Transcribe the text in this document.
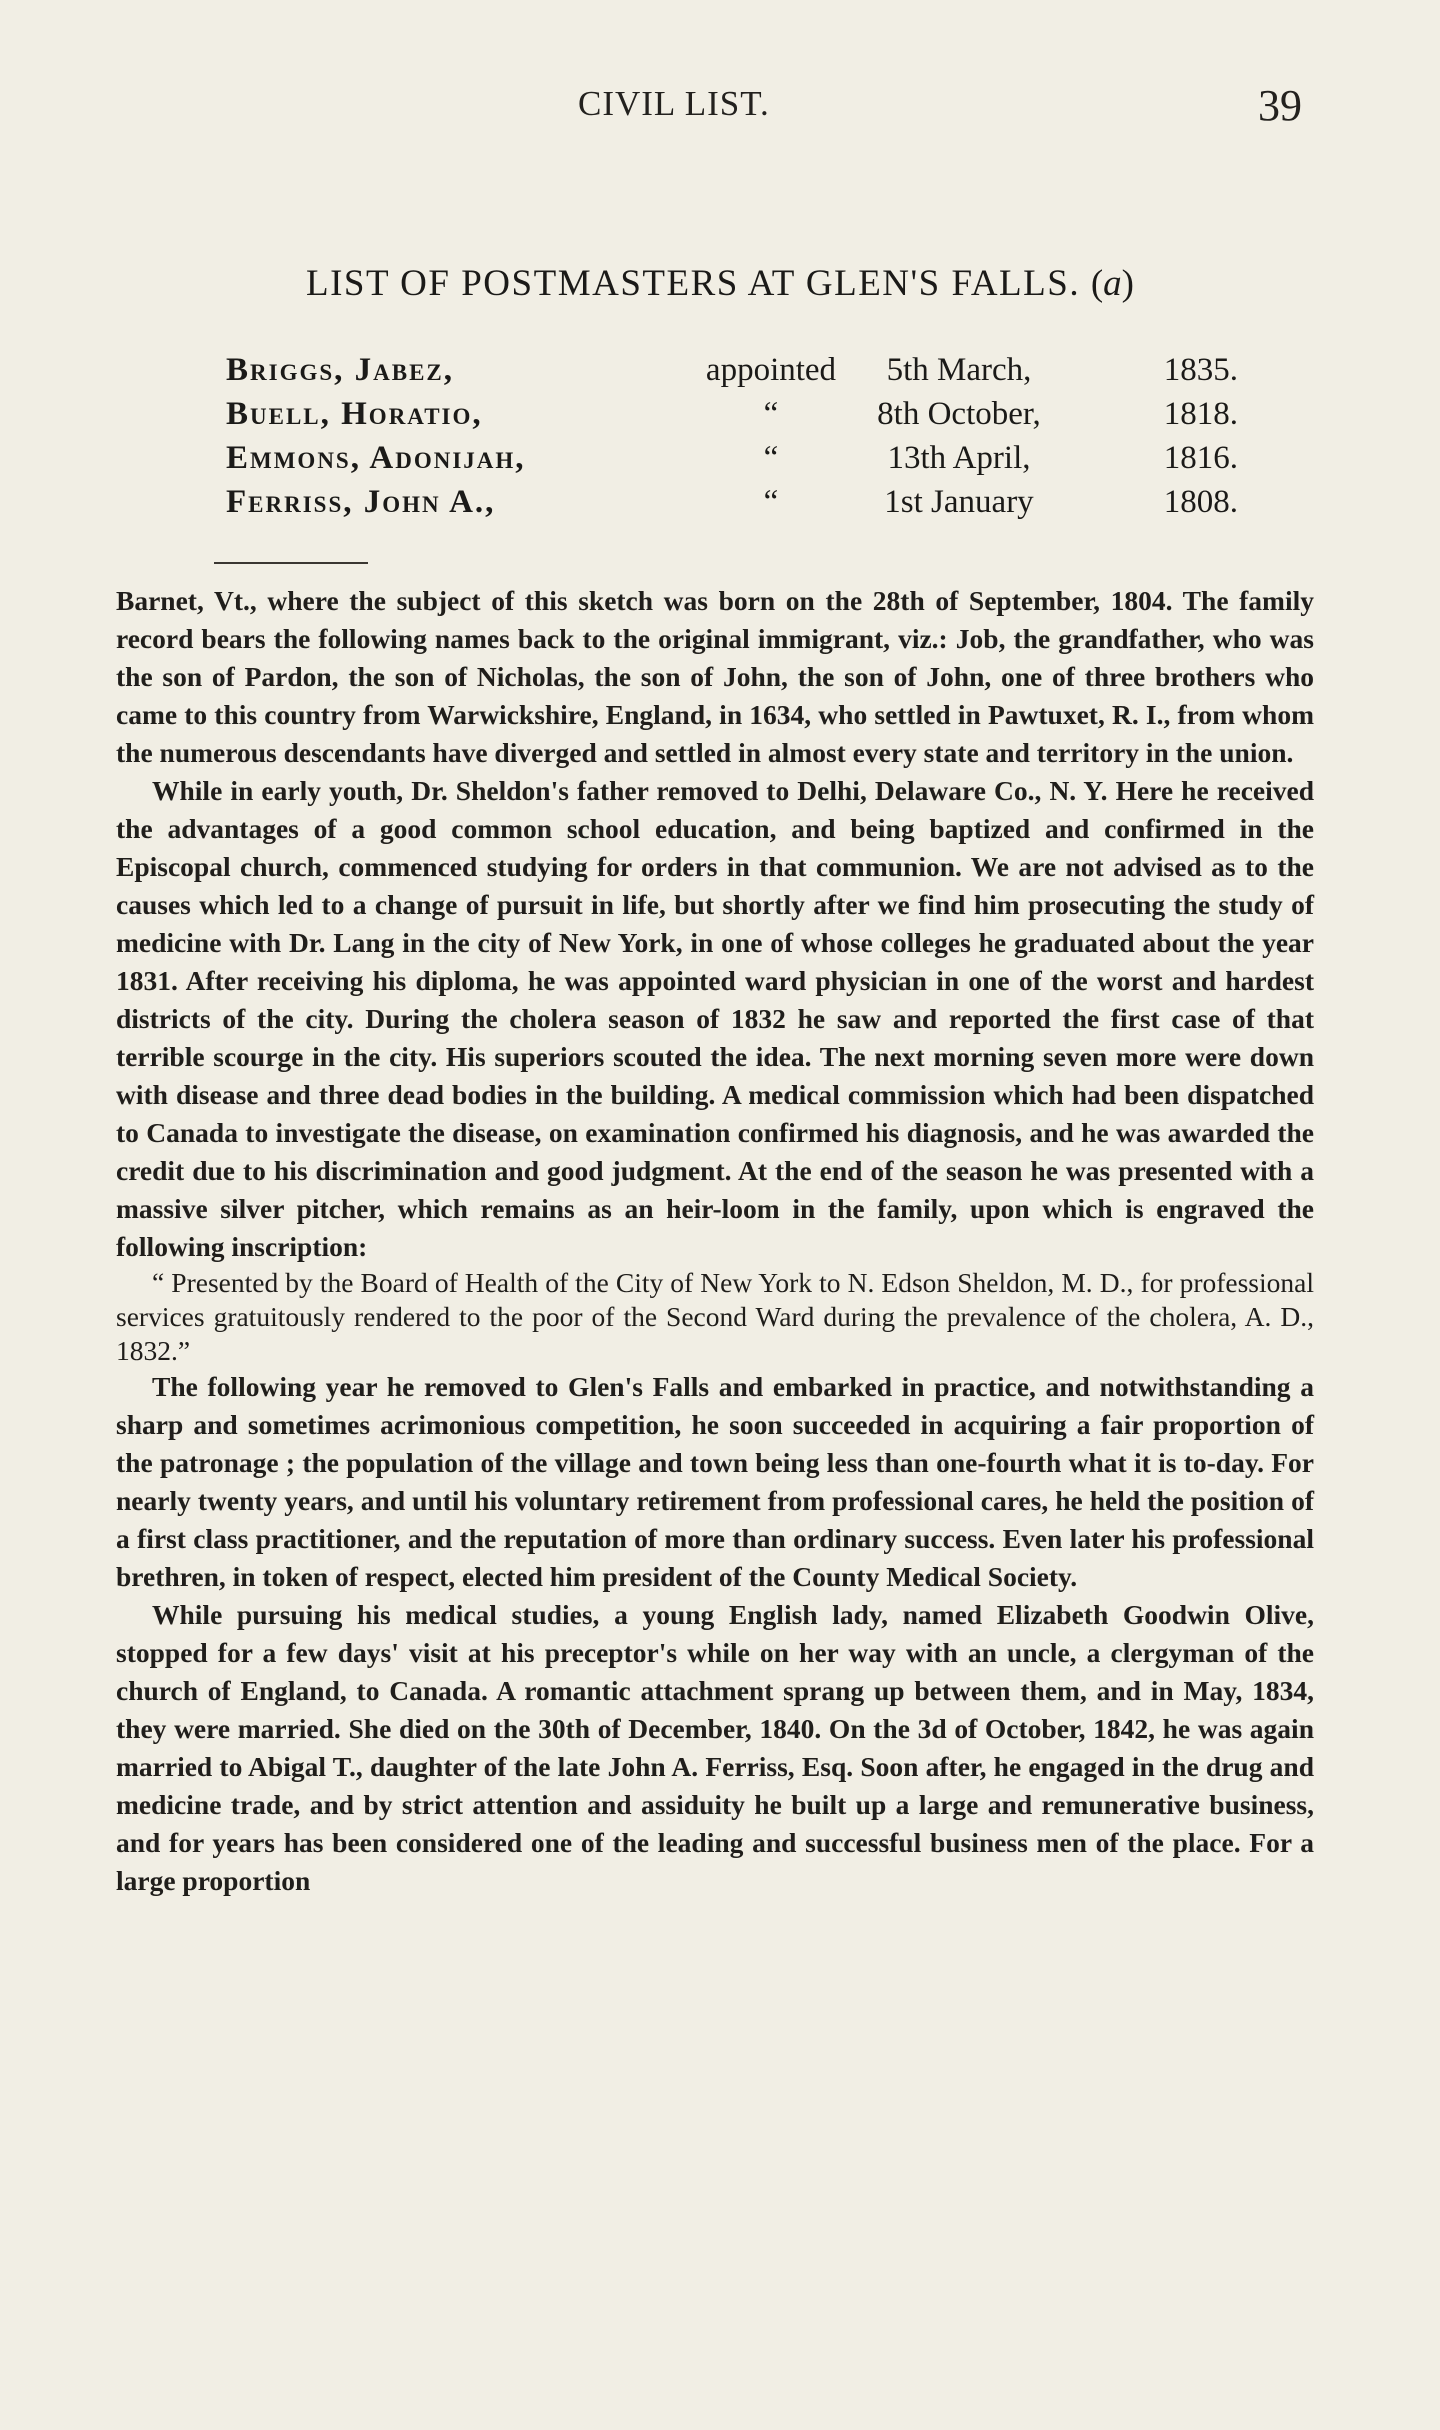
CIVIL LIST.	39
LIST OF POSTMASTERS AT GLEN'S FALLS. (a)
Briggs, Jabez,	appointed	5th March,	1835.
Buell, Horatio,	“	8th October,	1818.
Emmons, Adonijah,	“	13th April,	1816.
Ferriss, John A.,	“	1st January	1808.

Barnet, Vt., where the subject of this sketch was born on the 28th of September, 1804. The family record bears the following names back to the original immigrant, viz.: Job, the grandfather, who was the son of Pardon, the son of Nicholas, the son of John, the son of John, one of three brothers who came to this country from Warwickshire, England, in 1634, who settled in Pawtuxet, R. I., from whom the numerous descendants have diverged and settled in almost every state and territory in the union.

While in early youth, Dr. Sheldon's father removed to Delhi, Delaware Co., N. Y. Here he received the advantages of a good common school education, and being baptized and confirmed in the Episcopal church, commenced studying for orders in that communion. We are not advised as to the causes which led to a change of pursuit in life, but shortly after we find him prosecuting the study of medicine with Dr. Lang in the city of New York, in one of whose colleges he graduated about the year 1831. After receiving his diploma, he was appointed ward physician in one of the worst and hardest districts of the city. During the cholera season of 1832 he saw and reported the first case of that terrible scourge in the city. His superiors scouted the idea. The next morning seven more were down with disease and three dead bodies in the building. A medical commission which had been dispatched to Canada to investigate the disease, on examination confirmed his diagnosis, and he was awarded the credit due to his discrimination and good judgment. At the end of the season he was presented with a massive silver pitcher, which remains as an heir-loom in the family, upon which is engraved the following inscription:

“ Presented by the Board of Health of the City of New York to N. Edson Sheldon, M. D., for professional services gratuitously rendered to the poor of the Second Ward during the prevalence of the cholera, A. D., 1832.”

The following year he removed to Glen's Falls and embarked in practice, and notwithstanding a sharp and sometimes acrimonious competition, he soon succeeded in acquiring a fair proportion of the patronage ; the population of the village and town being less than one-fourth what it is to-day. For nearly twenty years, and until his voluntary retirement from professional cares, he held the position of a first class practitioner, and the reputation of more than ordinary success. Even later his professional brethren, in token of respect, elected him president of the County Medical Society.

While pursuing his medical studies, a young English lady, named Elizabeth Goodwin Olive, stopped for a few days' visit at his preceptor's while on her way with an uncle, a clergyman of the church of England, to Canada. A romantic attachment sprang up between them, and in May, 1834, they were married. She died on the 30th of December, 1840. On the 3d of October, 1842, he was again married to Abigal T., daughter of the late John A. Ferriss, Esq. Soon after, he engaged in the drug and medicine trade, and by strict attention and assiduity he built up a large and remunerative business, and for years has been considered one of the leading and successful business men of the place. For a large proportion
